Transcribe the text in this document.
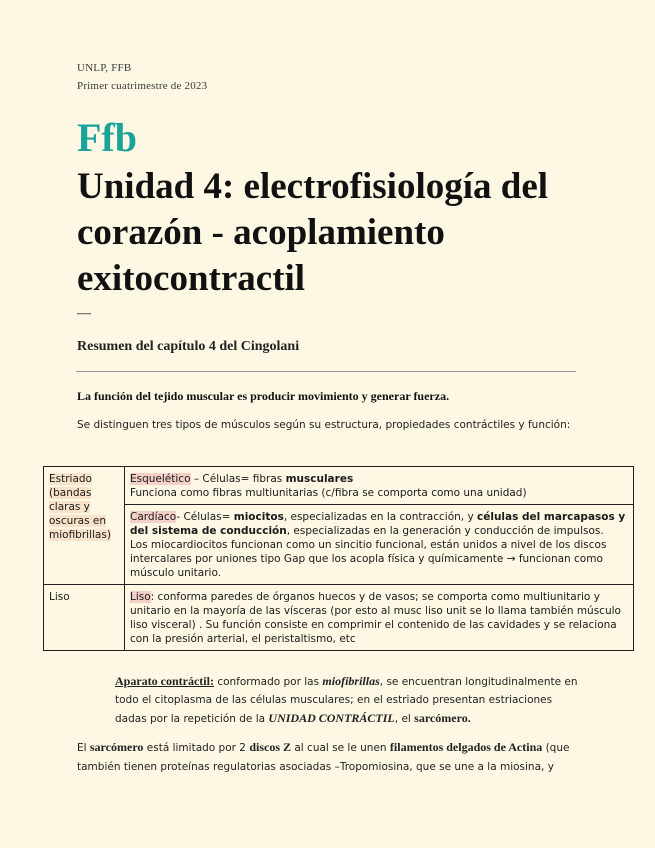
UNLP, FFB
Primer cuatrimestre de 2023
Ffb
Unidad 4: electrofisiología del corazón - acoplamiento exitocontractil
—
Resumen del capítulo 4 del Cingolani
La función del tejido muscular es producir movimiento y generar fuerza.
Se distinguen tres tipos de músculos según su estructura, propiedades contráctiles y función:
Estriado (bandas claras y oscuras en miofibrillas)	Esquelético – Células= fibras musculares
Funciona como fibras multiunitarias (c/fibra se comporta como una unidad)
	Cardíaco- Células= miocitos, especializadas en la contracción, y células del marcapasos y del sistema de conducción, especializadas en la generación y conducción de impulsos.
Los miocardiocitos funcionan como un sincitio funcional, están unidos a nivel de los discos intercalares por uniones tipo Gap que los acopla física y químicamente → funcionan como músculo unitario.
Liso	Liso: conforma paredes de órganos huecos y de vasos; se comporta como multiunitario y unitario en la mayoría de las vísceras (por esto al musc liso unit se lo llama también músculo liso visceral) . Su función consiste en comprimir el contenido de las cavidades y se relaciona con la presión arterial, el peristaltismo, etc
Aparato contráctil: conformado por las miofibrillas, se encuentran longitudinalmente en todo el citoplasma de las células musculares; en el estriado presentan estriaciones dadas por la repetición de la UNIDAD CONTRÁCTIL, el sarcómero.
El sarcómero está limitado por 2 discos Z al cual se le unen filamentos delgados de Actina (que también tienen proteínas regulatorias asociadas –Tropomiosina, que se une a la miosina, y
